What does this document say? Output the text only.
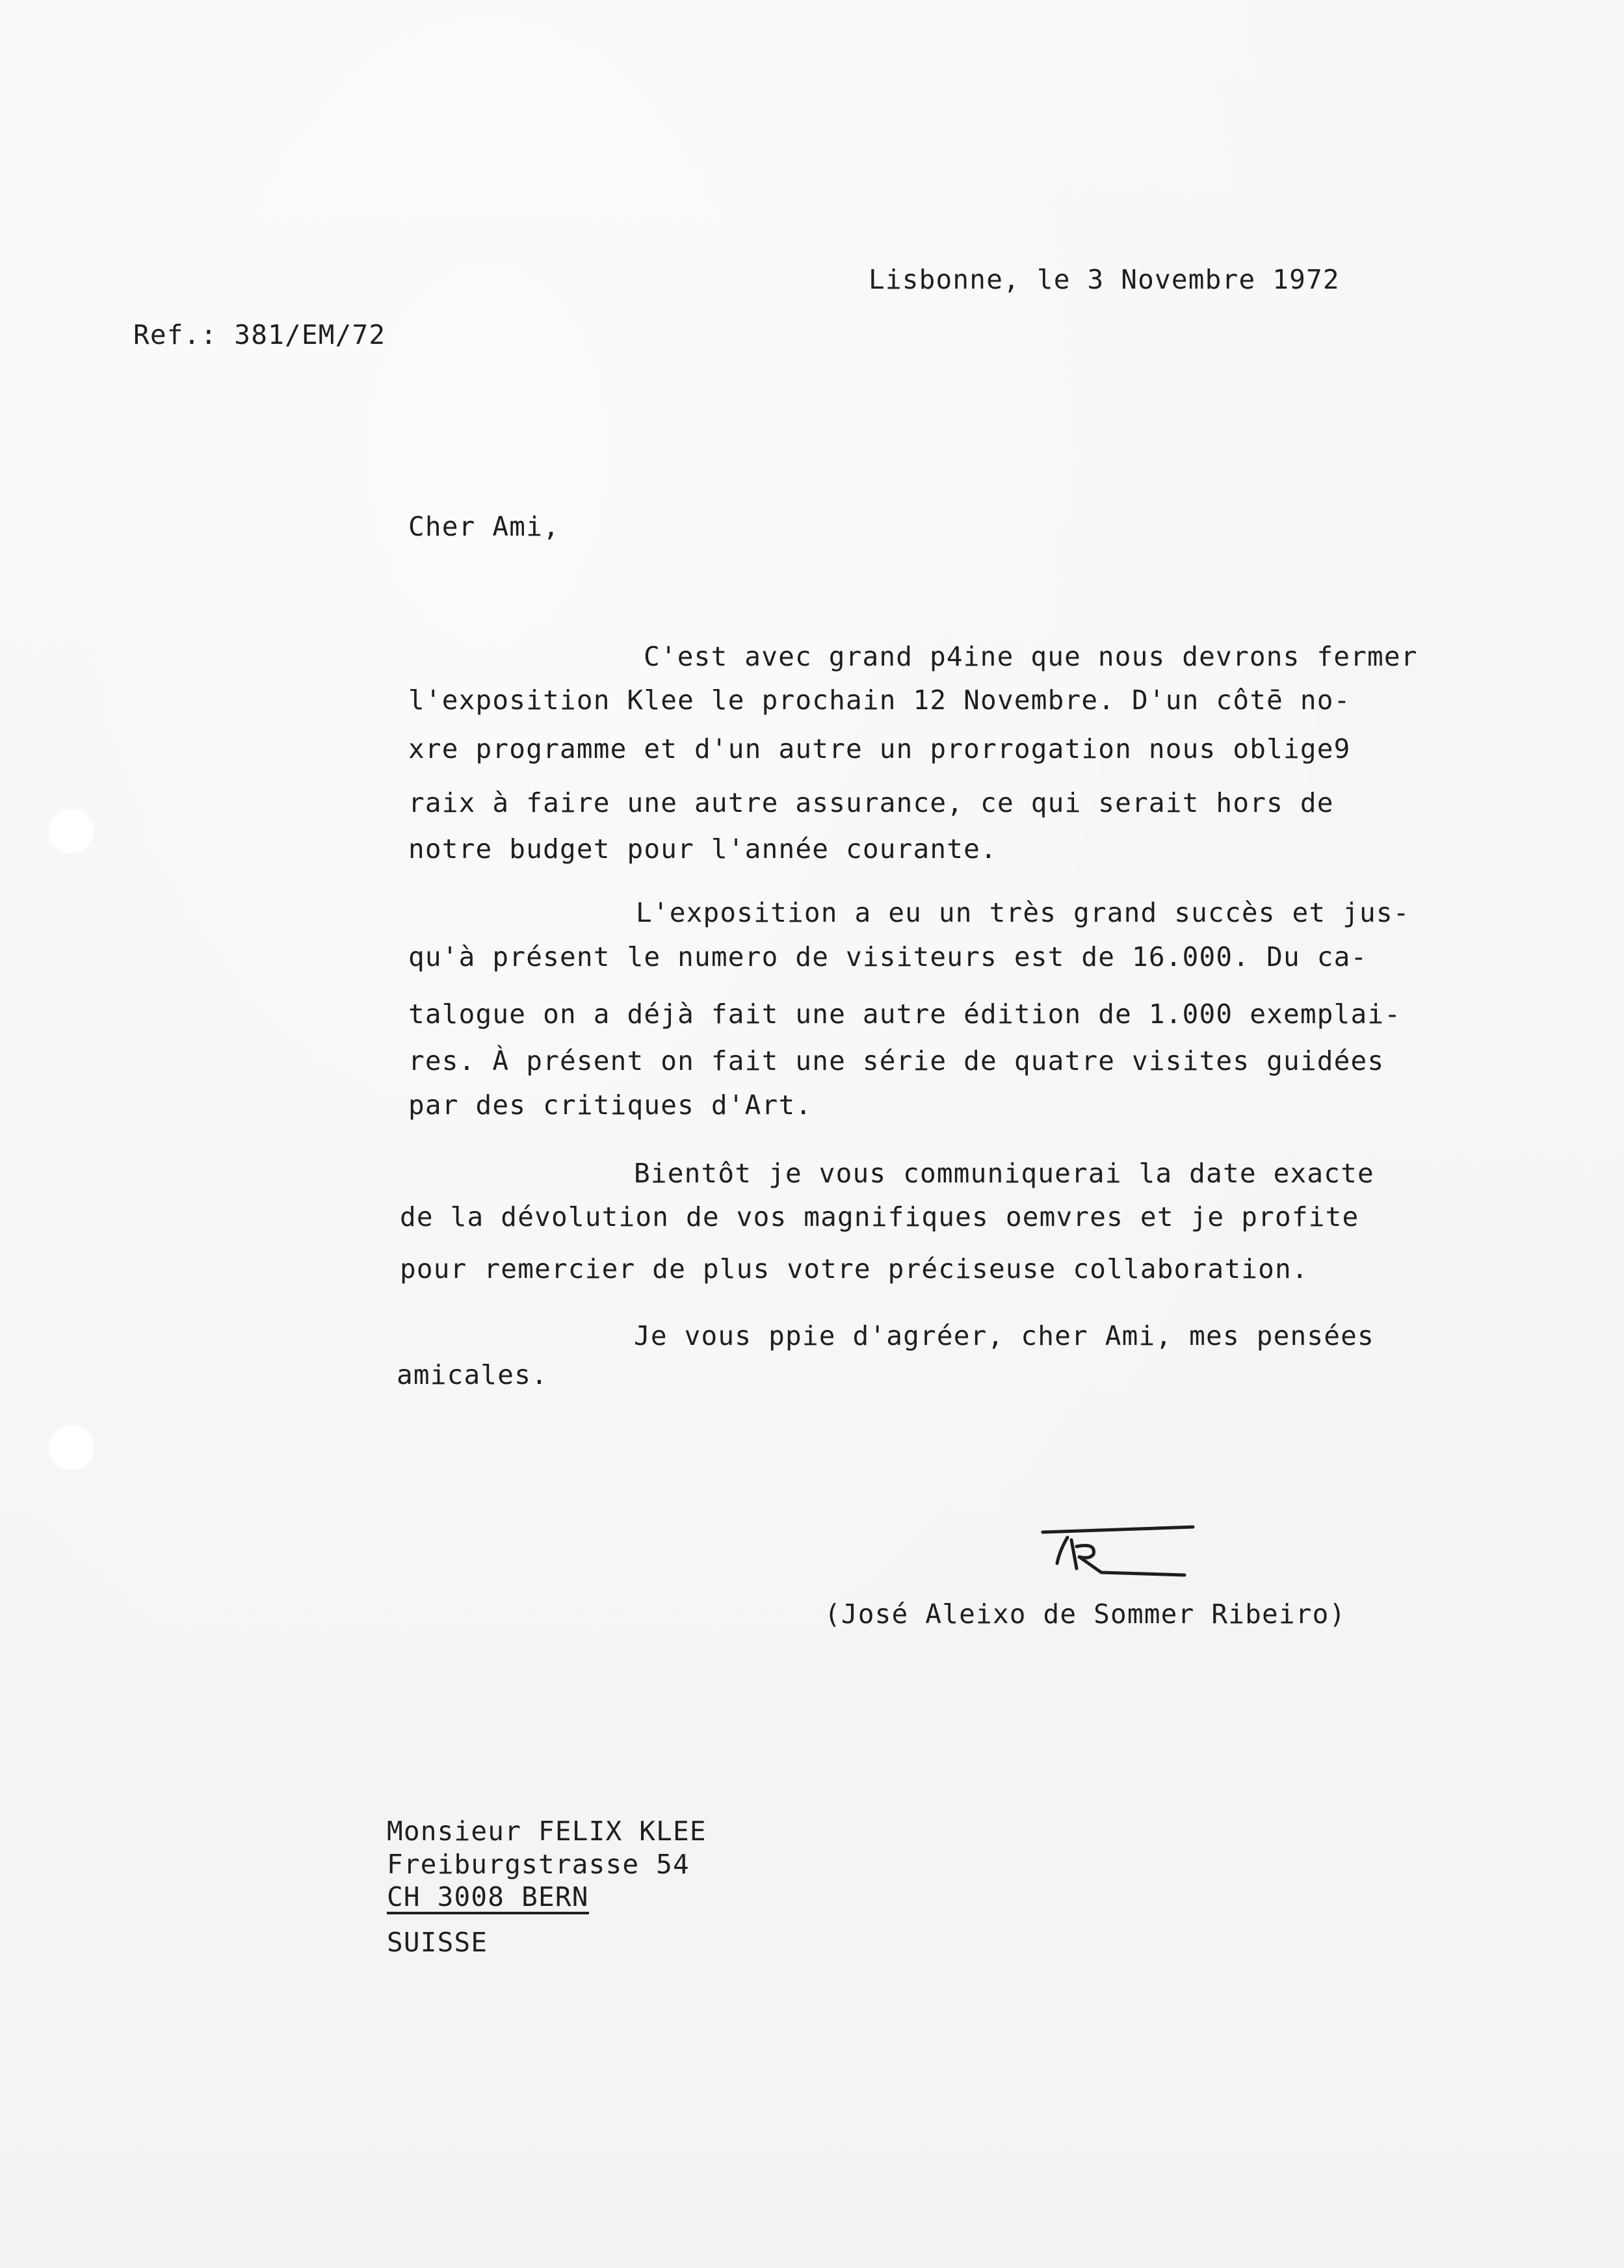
Lisbonne, le 3 Novembre 1972
Ref.: 381/EM/72
Cher Ami,
C'est avec grand p4ine que nous devrons fermer
l'exposition Klee le prochain 12 Novembre. D'un côtē no-
xre programme et d'un autre un prorrogation nous oblige9
raix à faire une autre assurance, ce qui serait hors de
notre budget pour l'année courante.
L'exposition a eu un très grand succès et jus-
qu'à présent le numero de visiteurs est de 16.000. Du ca-
talogue on a déjà fait une autre édition de 1.000 exemplai-
res. À présent on fait une série de quatre visites guidées
par des critiques d'Art.
Bientôt je vous communiquerai la date exacte
de la dévolution de vos magnifiques oemvres et je profite
pour remercier de plus votre préciseuse collaboration.
Je vous ppie d'agréer, cher Ami, mes pensées
amicales.
(José Aleixo de Sommer Ribeiro)
Monsieur FELIX KLEE
Freiburgstrasse 54
CH 3008 BERN
SUISSE
